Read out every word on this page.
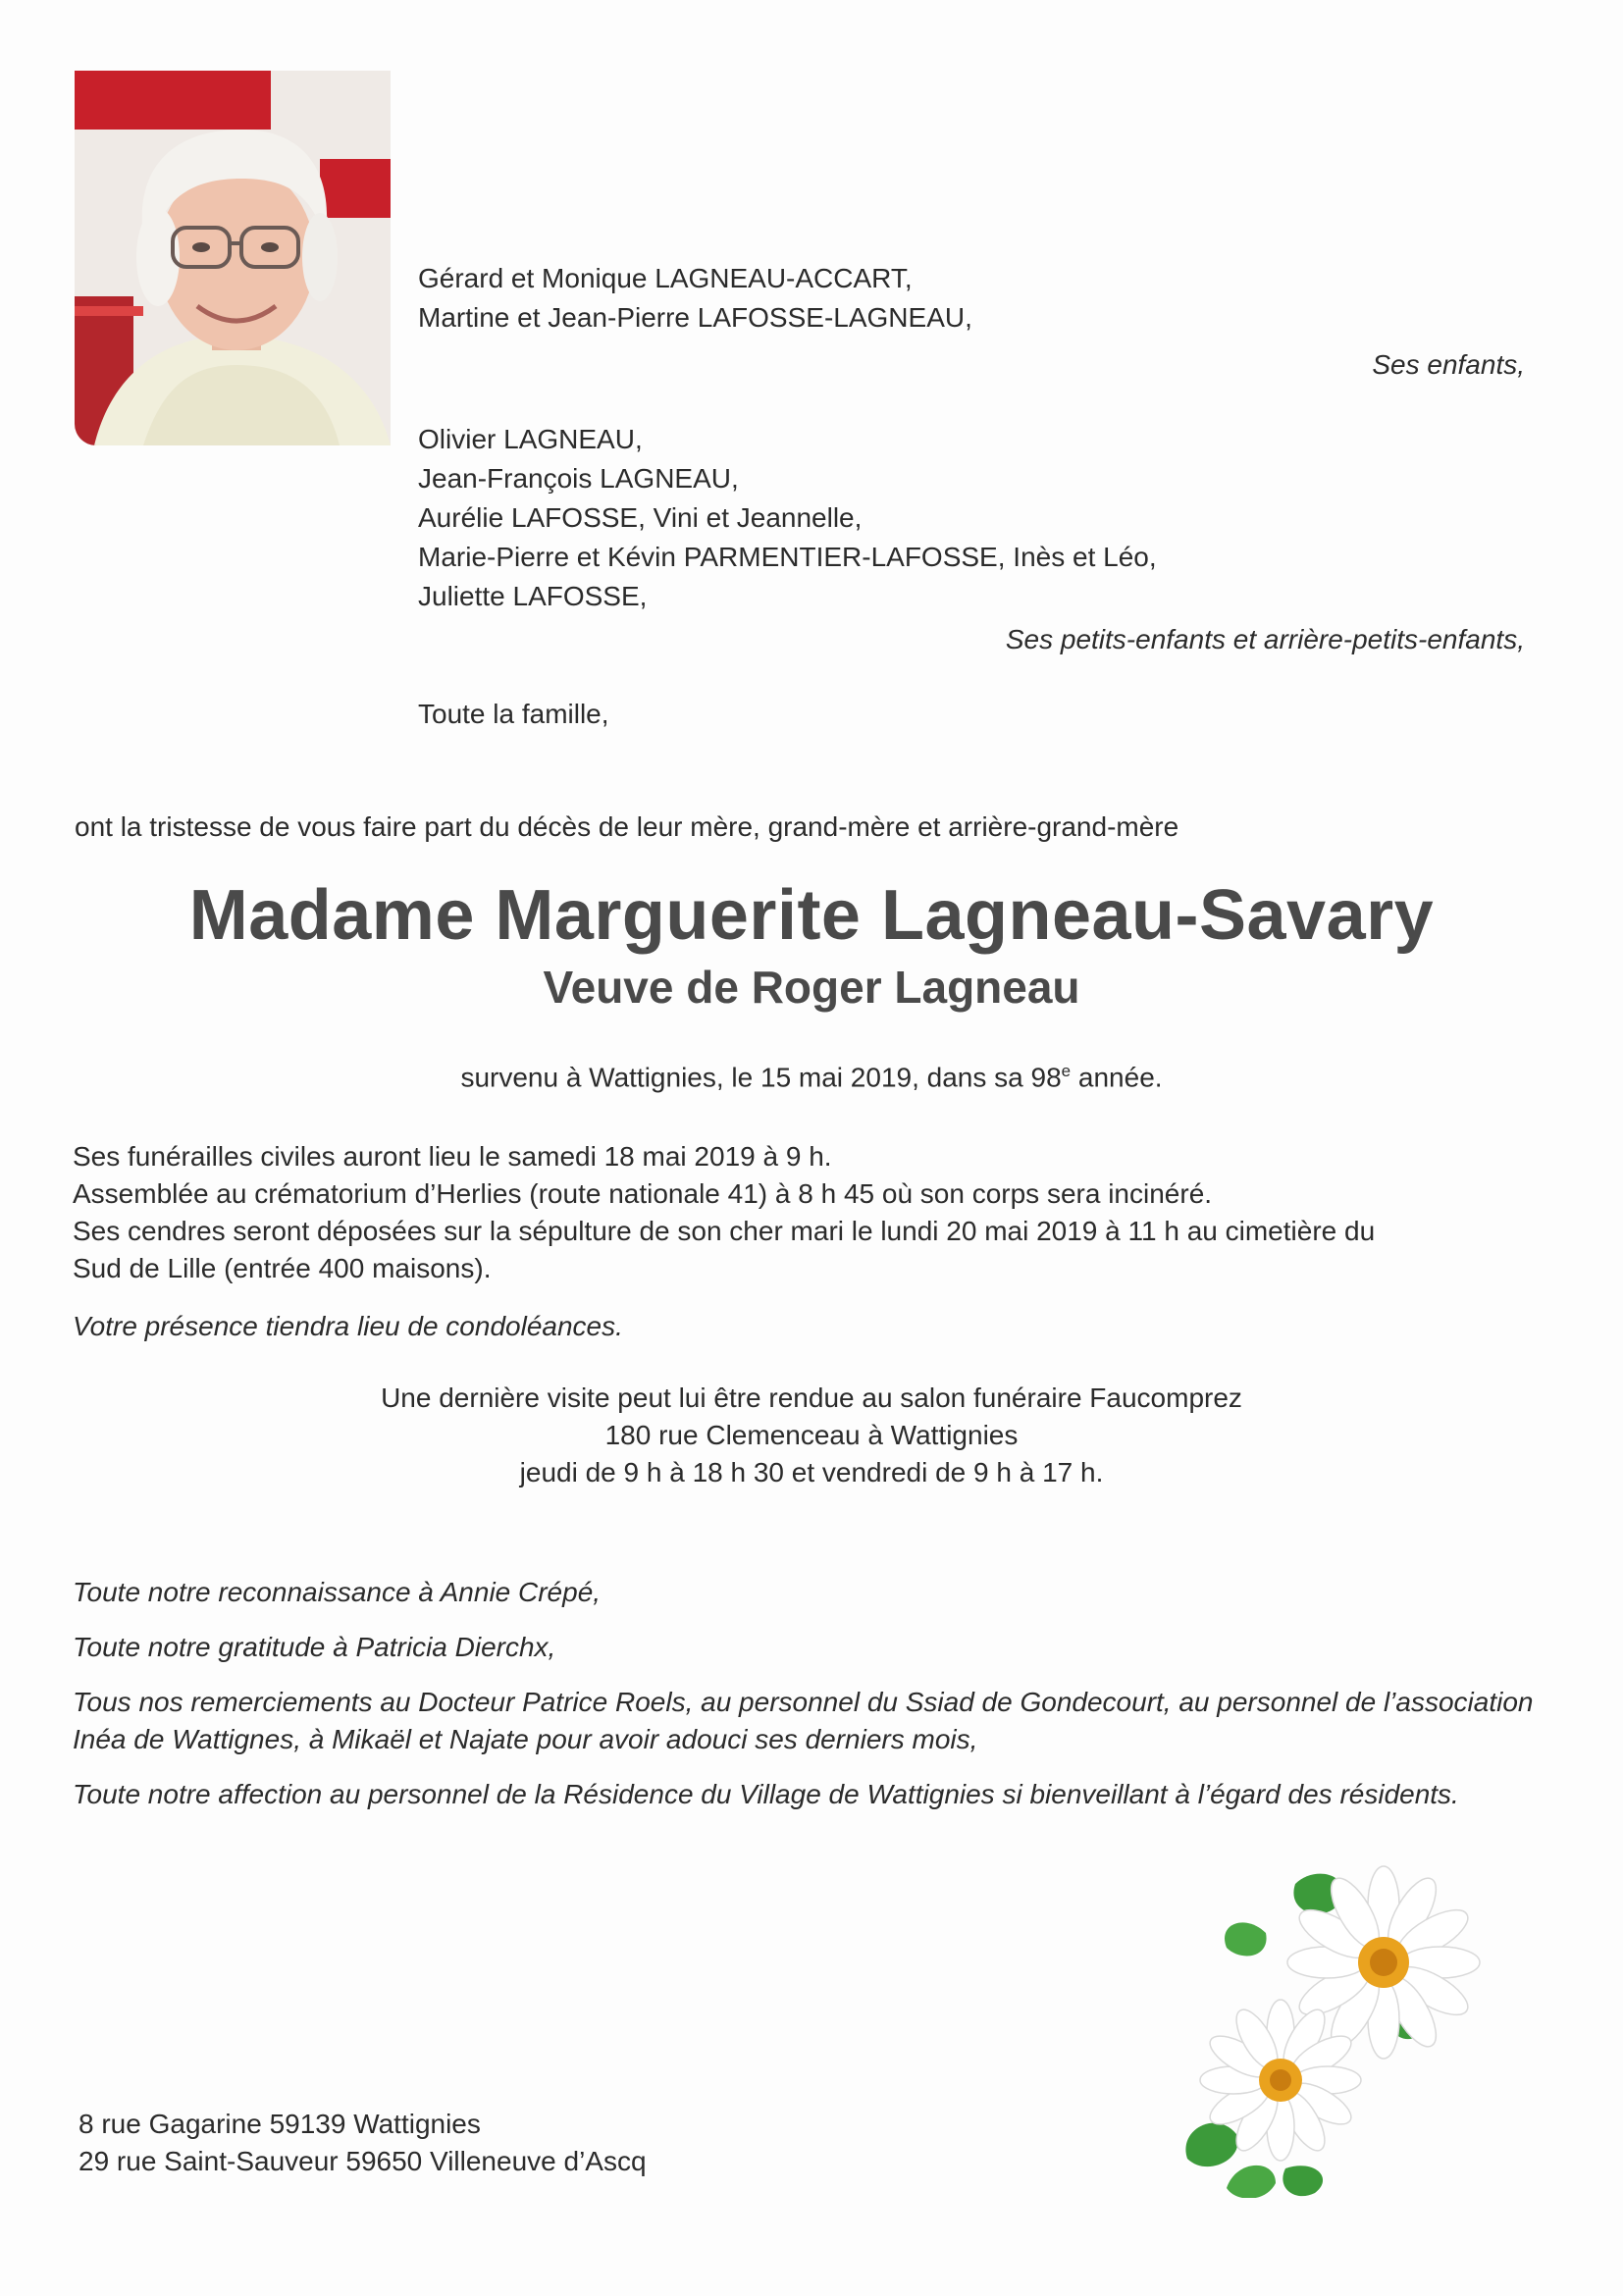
Gérard et Monique LAGNEAU-ACCART,

Martine et Jean-Pierre LAFOSSE-LAGNEAU,

Ses enfants,

Olivier LAGNEAU,

Jean-François LAGNEAU,

Aurélie LAFOSSE, Vini et Jeannelle,

Marie-Pierre et Kévin PARMENTIER-LAFOSSE, Inès et Léo,

Juliette LAFOSSE,

Ses petits-enfants et arrière-petits-enfants,

Toute la famille,

ont la tristesse de vous faire part du décès de leur mère, grand-mère et arrière-grand-mère

Madame Marguerite Lagneau-Savary
Veuve de Roger Lagneau

survenu à Wattignies, le 15 mai 2019, dans sa 98e année.

Ses funérailles civiles auront lieu le samedi 18 mai 2019 à 9 h.

Assemblée au crématorium d’Herlies (route nationale 41) à 8 h 45 où son corps sera incinéré.

Ses cendres seront déposées sur la sépulture de son cher mari le lundi 20 mai 2019 à 11 h au cimetière du

Sud de Lille (entrée 400 maisons).

Votre présence tiendra lieu de condoléances.

Une dernière visite peut lui être rendue au salon funéraire Faucomprez

180 rue Clemenceau à Wattignies

jeudi de 9 h à 18 h 30 et vendredi de 9 h à 17 h.

Toute notre reconnaissance à Annie Crépé,

Toute notre gratitude à Patricia Dierchx,

Tous nos remerciements au Docteur Patrice Roels, au personnel du Ssiad de Gondecourt, au personnel de l’association

Inéa de Wattignes, à Mikaël et Najate pour avoir adouci ses derniers mois,

Toute notre affection au personnel de la Résidence du Village de Wattignies si bienveillant à l’égard des résidents.

8 rue Gagarine 59139 Wattignies

29 rue Saint-Sauveur 59650 Villeneuve d’Ascq
